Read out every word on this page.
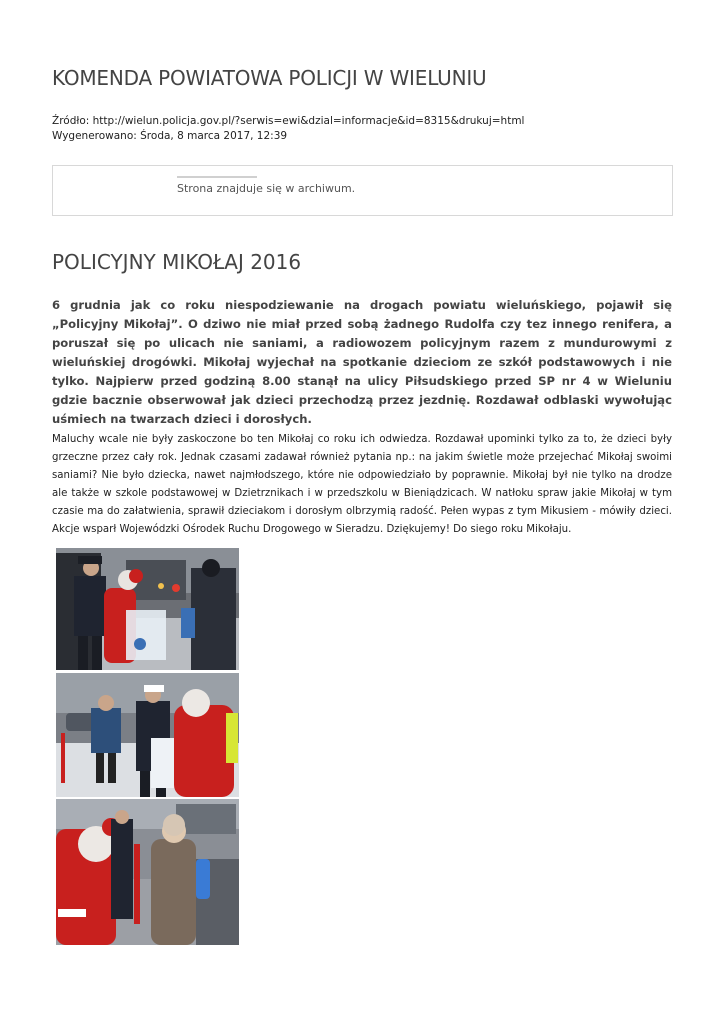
KOMENDA POWIATOWA POLICJI W WIELUNIU
Źródło: http://wielun.policja.gov.pl/?serwis=ewi&dzial=informacje&id=8315&drukuj=html
Wygenerowano: Środa, 8 marca 2017, 12:39
Strona znajduje się w archiwum.
POLICYJNY MIKOŁAJ 2016

6 grudnia jak co roku niespodziewanie na drogach powiatu wieluńskiego, pojawił się „Policyjny Mikołaj”. O dziwo nie miał przed sobą żadnego Rudolfa czy tez innego renifera, a poruszał się po ulicach nie saniami, a radiowozem policyjnym razem z mundurowymi z wieluńskiej drogówki. Mikołaj wyjechał na spotkanie dzieciom ze szkół podstawowych i nie tylko. Najpierw przed godziną 8.00 stanął na ulicy Piłsudskiego przed SP nr 4 w Wieluniu gdzie bacznie obserwował jak dzieci przechodzą przez jezdnię. Rozdawał odblaski wywołując uśmiech na twarzach dzieci i dorosłych.

Maluchy wcale nie były zaskoczone bo ten Mikołaj co roku ich odwiedza. Rozdawał upominki tylko za to, że dzieci były grzeczne przez cały rok. Jednak czasami zadawał również pytania np.: na jakim świetle może przejechać Mikołaj swoimi saniami? Nie było dziecka, nawet najmłodszego, które nie odpowiedziało by poprawnie. Mikołaj był nie tylko na drodze ale także w szkole podstawowej w Dzietrznikach i w przedszkolu w Bieniądzicach. W natłoku spraw jakie Mikołaj w tym czasie ma do załatwienia, sprawił dzieciakom i dorosłym olbrzymią radość. Pełen wypas z tym Mikusiem - mówiły dzieci. Akcje wsparł Wojewódzki Ośrodek Ruchu Drogowego w Sieradzu. Dziękujemy! Do siego roku Mikołaju.
